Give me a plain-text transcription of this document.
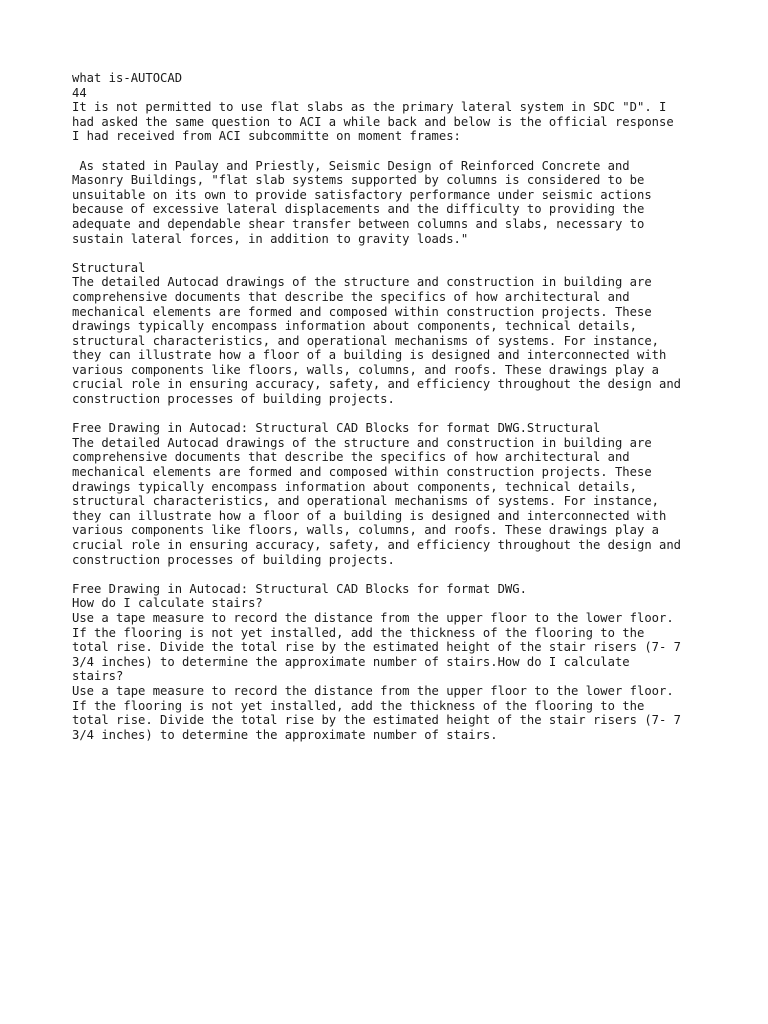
what is-AUTOCAD
44
It is not permitted to use flat slabs as the primary lateral system in SDC "D". I
had asked the same question to ACI a while back and below is the official response
I had received from ACI subcommitte on moment frames:
As stated in Paulay and Priestly, Seismic Design of Reinforced Concrete and
Masonry Buildings, "flat slab systems supported by columns is considered to be
unsuitable on its own to provide satisfactory performance under seismic actions
because of excessive lateral displacements and the difficulty to providing the
adequate and dependable shear transfer between columns and slabs, necessary to
sustain lateral forces, in addition to gravity loads."
Structural
The detailed Autocad drawings of the structure and construction in building are
comprehensive documents that describe the specifics of how architectural and
mechanical elements are formed and composed within construction projects. These
drawings typically encompass information about components, technical details,
structural characteristics, and operational mechanisms of systems. For instance,
they can illustrate how a floor of a building is designed and interconnected with
various components like floors, walls, columns, and roofs. These drawings play a
crucial role in ensuring accuracy, safety, and efficiency throughout the design and
construction processes of building projects.
Free Drawing in Autocad: Structural CAD Blocks for format DWG.Structural
The detailed Autocad drawings of the structure and construction in building are
comprehensive documents that describe the specifics of how architectural and
mechanical elements are formed and composed within construction projects. These
drawings typically encompass information about components, technical details,
structural characteristics, and operational mechanisms of systems. For instance,
they can illustrate how a floor of a building is designed and interconnected with
various components like floors, walls, columns, and roofs. These drawings play a
crucial role in ensuring accuracy, safety, and efficiency throughout the design and
construction processes of building projects.
Free Drawing in Autocad: Structural CAD Blocks for format DWG.
How do I calculate stairs?
Use a tape measure to record the distance from the upper floor to the lower floor.
If the flooring is not yet installed, add the thickness of the flooring to the
total rise. Divide the total rise by the estimated height of the stair risers (7- 7
3/4 inches) to determine the approximate number of stairs.How do I calculate
stairs?
Use a tape measure to record the distance from the upper floor to the lower floor.
If the flooring is not yet installed, add the thickness of the flooring to the
total rise. Divide the total rise by the estimated height of the stair risers (7- 7
3/4 inches) to determine the approximate number of stairs.
